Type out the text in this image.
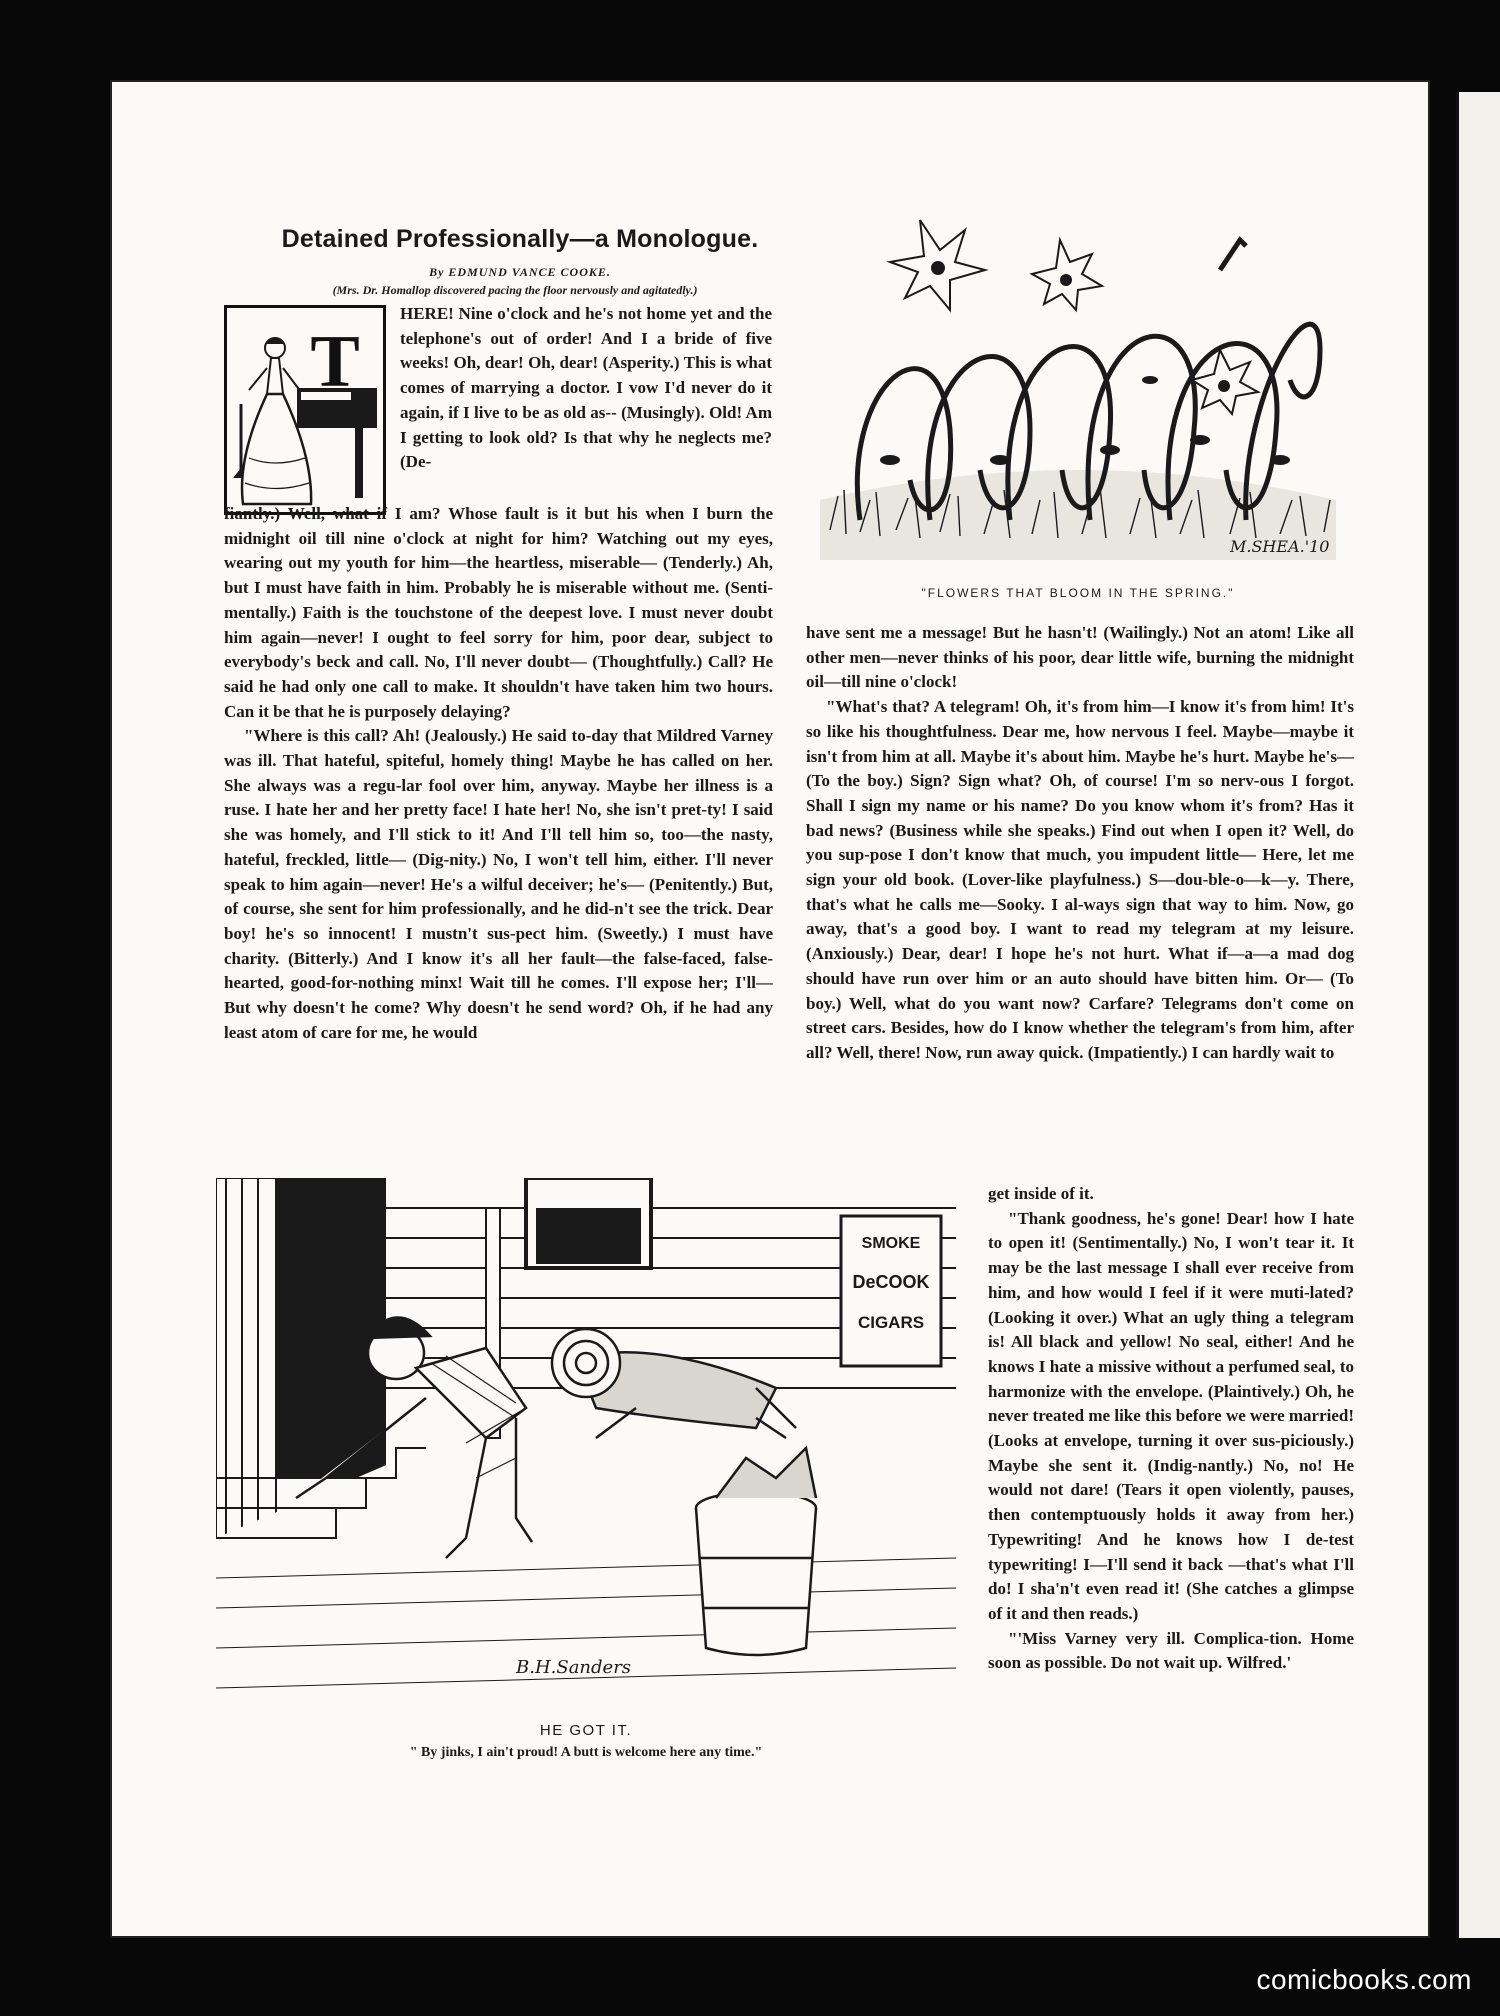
Detained Professionally—a Monologue.
By EDMUND VANCE COOKE.
(Mrs. Dr. Homallop discovered pacing the floor nervously and agitatedly.)
T

HERE! Nine o'clock and he's not home yet and the telephone's out of order! And I a bride of five weeks! Oh, dear! Oh, dear! (Asperity.) This is what comes of marrying a doctor. I vow I'd never do it again, if I live to be as old as-- (Musingly). Old! Am I getting to look old? Is that why he neglects me? (De-

fiantly.) Well, what if I am? Whose fault is it but his when I burn the midnight oil till nine o'clock at night for him? Watching out my eyes, wearing out my youth for him—the heartless, miserable— (Tenderly.) Ah, but I must have faith in him. Probably he is miserable without me. (Senti-mentally.) Faith is the touchstone of the deepest love. I must never doubt him again—never! I ought to feel sorry for him, poor dear, subject to everybody's beck and call. No, I'll never doubt— (Thoughtfully.) Call? He said he had only one call to make. It shouldn't have taken him two hours. Can it be that he is purposely delaying?

"Where is this call? Ah! (Jealously.) He said to-day that Mildred Varney was ill. That hateful, spiteful, homely thing! Maybe he has called on her. She always was a regu-lar fool over him, anyway. Maybe her illness is a ruse. I hate her and her pretty face! I hate her! No, she isn't pret-ty! I said she was homely, and I'll stick to it! And I'll tell him so, too—the nasty, hateful, freckled, little— (Dig-nity.) No, I won't tell him, either. I'll never speak to him again—never! He's a wilful deceiver; he's— (Penitently.) But, of course, she sent for him professionally, and he did-n't see the trick. Dear boy! he's so innocent! I mustn't sus-pect him. (Sweetly.) I must have charity. (Bitterly.) And I know it's all her fault—the false-faced, false-hearted, good-for-nothing minx! Wait till he comes. I'll expose her; I'll— But why doesn't he come? Why doesn't he send word? Oh, if he had any least atom of care for me, he would

M.SHEA.'10
"FLOWERS THAT BLOOM IN THE SPRING."

have sent me a message! But he hasn't! (Wailingly.) Not an atom! Like all other men—never thinks of his poor, dear little wife, burning the midnight oil—till nine o'clock!

"What's that? A telegram! Oh, it's from him—I know it's from him! It's so like his thoughtfulness. Dear me, how nervous I feel. Maybe—maybe it isn't from him at all. Maybe it's about him. Maybe he's hurt. Maybe he's— (To the boy.) Sign? Sign what? Oh, of course! I'm so nerv-ous I forgot. Shall I sign my name or his name? Do you know whom it's from? Has it bad news? (Business while she speaks.) Find out when I open it? Well, do you sup-pose I don't know that much, you impudent little— Here, let me sign your old book. (Lover-like playfulness.) S—dou-ble-o—k—y. There, that's what he calls me—Sooky. I al-ways sign that way to him. Now, go away, that's a good boy. I want to read my telegram at my leisure. (Anxiously.) Dear, dear! I hope he's not hurt. What if—a—a mad dog should have run over him or an auto should have bitten him. Or— (To boy.) Well, what do you want now? Carfare? Telegrams don't come on street cars. Besides, how do I know whether the telegram's from him, after all? Well, there! Now, run away quick. (Impatiently.) I can hardly wait to

SMOKE
DeCOOK
CIGARS
B.H.Sanders
HE GOT IT.
" By jinks, I ain't proud! A butt is welcome here any time."

get inside of it.

"Thank goodness, he's gone! Dear! how I hate to open it! (Sentimentally.) No, I won't tear it. It may be the last message I shall ever receive from him, and how would I feel if it were muti-lated? (Looking it over.) What an ugly thing a telegram is! All black and yellow! No seal, either! And he knows I hate a missive without a perfumed seal, to harmonize with the envelope. (Plaintively.) Oh, he never treated me like this before we were married! (Looks at envelope, turning it over sus-piciously.) Maybe she sent it. (Indig-nantly.) No, no! He would not dare! (Tears it open violently, pauses, then contemptuously holds it away from her.) Typewriting! And he knows how I de-test typewriting! I—I'll send it back —that's what I'll do! I sha'n't even read it! (She catches a glimpse of it and then reads.)

"'Miss Varney very ill. Complica-tion. Home soon as possible. Do not wait up. Wilfred.'

comicbooks.com
